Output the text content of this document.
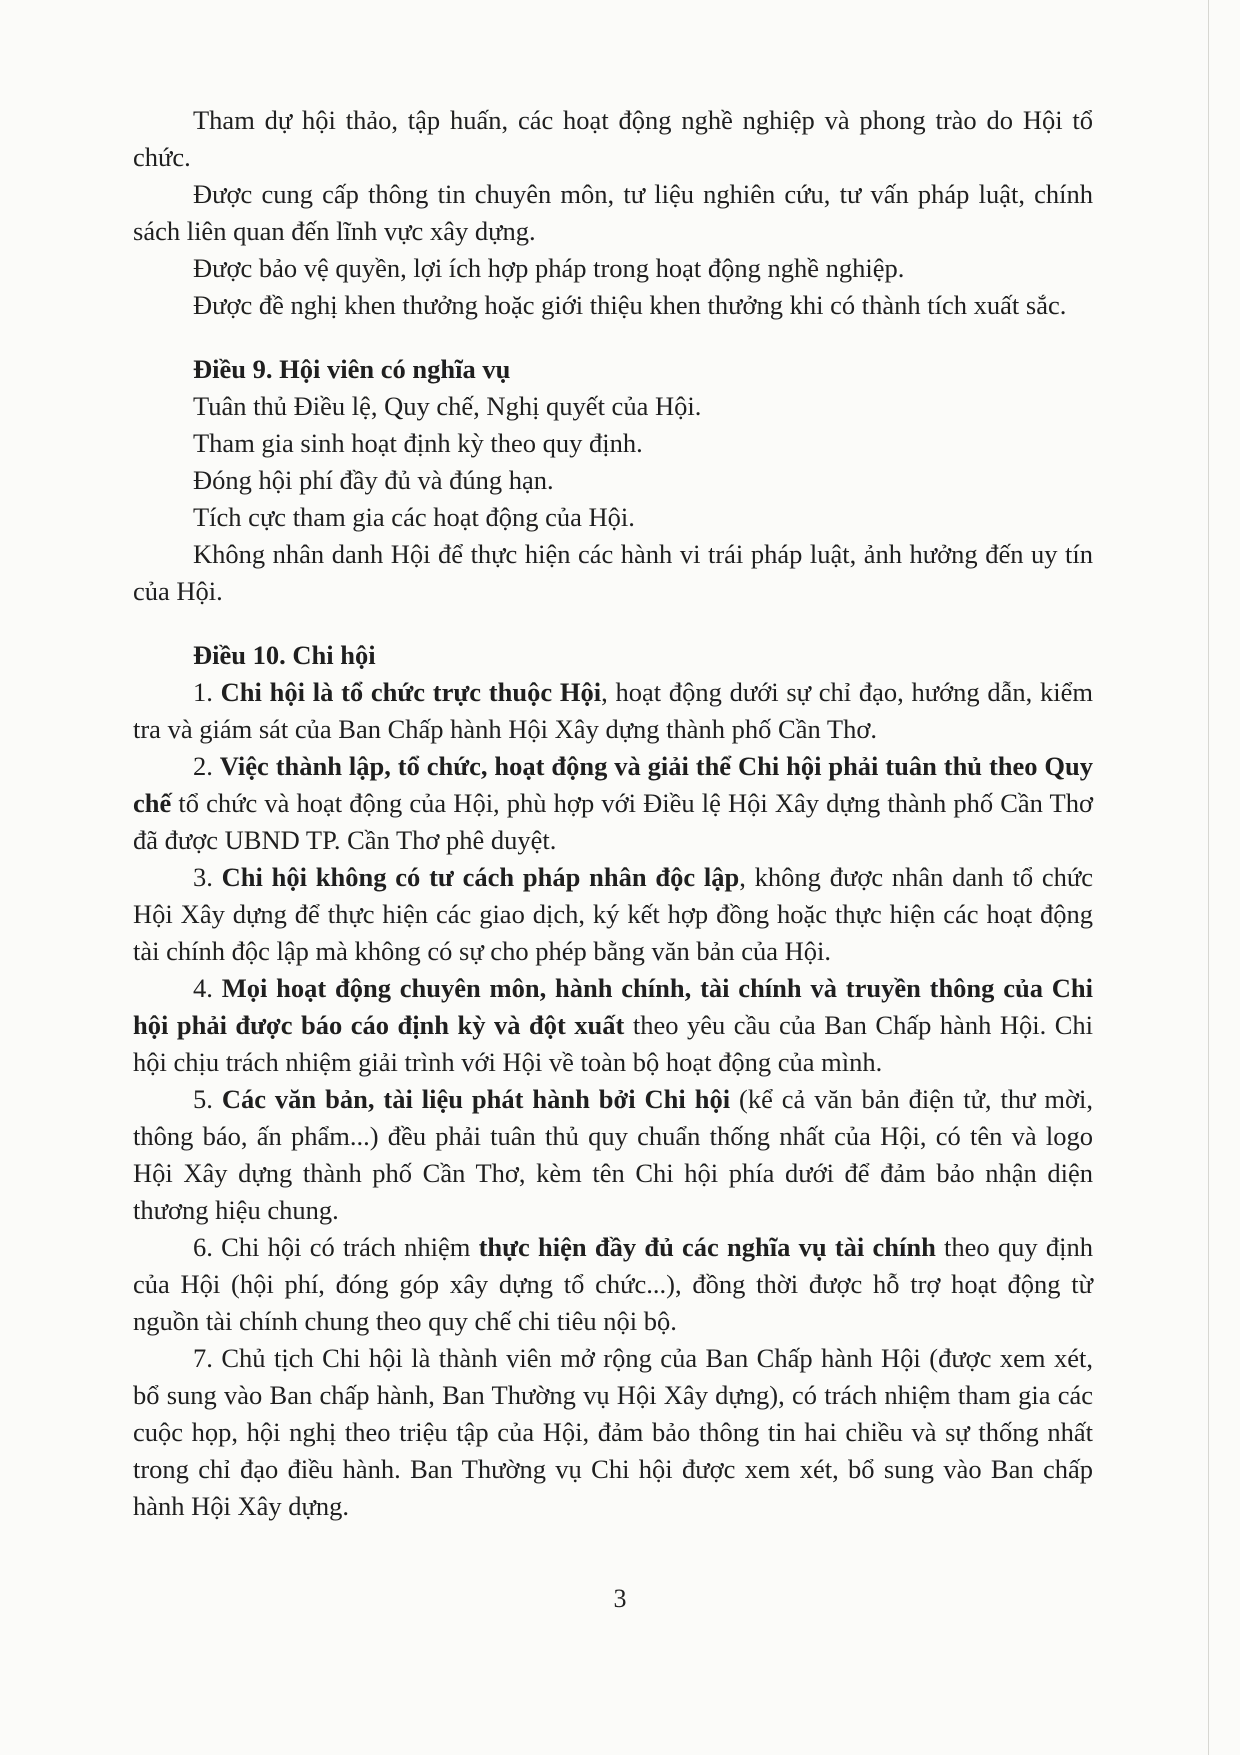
Tham dự hội thảo, tập huấn, các hoạt động nghề nghiệp và phong trào do Hội tổ chức.

Được cung cấp thông tin chuyên môn, tư liệu nghiên cứu, tư vấn pháp luật, chính sách liên quan đến lĩnh vực xây dựng.

Được bảo vệ quyền, lợi ích hợp pháp trong hoạt động nghề nghiệp.

Được đề nghị khen thưởng hoặc giới thiệu khen thưởng khi có thành tích xuất sắc.

Điều 9. Hội viên có nghĩa vụ

Tuân thủ Điều lệ, Quy chế, Nghị quyết của Hội.

Tham gia sinh hoạt định kỳ theo quy định.

Đóng hội phí đầy đủ và đúng hạn.

Tích cực tham gia các hoạt động của Hội.

Không nhân danh Hội để thực hiện các hành vi trái pháp luật, ảnh hưởng đến uy tín của Hội.

Điều 10. Chi hội

1. Chi hội là tổ chức trực thuộc Hội, hoạt động dưới sự chỉ đạo, hướng dẫn, kiểm tra và giám sát của Ban Chấp hành Hội Xây dựng thành phố Cần Thơ.

2. Việc thành lập, tổ chức, hoạt động và giải thể Chi hội phải tuân thủ theo Quy chế tổ chức và hoạt động của Hội, phù hợp với Điều lệ Hội Xây dựng thành phố Cần Thơ đã được UBND TP. Cần Thơ phê duyệt.

3. Chi hội không có tư cách pháp nhân độc lập, không được nhân danh tổ chức Hội Xây dựng để thực hiện các giao dịch, ký kết hợp đồng hoặc thực hiện các hoạt động tài chính độc lập mà không có sự cho phép bằng văn bản của Hội.

4. Mọi hoạt động chuyên môn, hành chính, tài chính và truyền thông của Chi hội phải được báo cáo định kỳ và đột xuất theo yêu cầu của Ban Chấp hành Hội. Chi hội chịu trách nhiệm giải trình với Hội về toàn bộ hoạt động của mình.

5. Các văn bản, tài liệu phát hành bởi Chi hội (kể cả văn bản điện tử, thư mời, thông báo, ấn phẩm...) đều phải tuân thủ quy chuẩn thống nhất của Hội, có tên và logo Hội Xây dựng thành phố Cần Thơ, kèm tên Chi hội phía dưới để đảm bảo nhận diện thương hiệu chung.

6. Chi hội có trách nhiệm thực hiện đầy đủ các nghĩa vụ tài chính theo quy định của Hội (hội phí, đóng góp xây dựng tổ chức...), đồng thời được hỗ trợ hoạt động từ nguồn tài chính chung theo quy chế chi tiêu nội bộ.

7. Chủ tịch Chi hội là thành viên mở rộng của Ban Chấp hành Hội (được xem xét, bổ sung vào Ban chấp hành, Ban Thường vụ Hội Xây dựng), có trách nhiệm tham gia các cuộc họp, hội nghị theo triệu tập của Hội, đảm bảo thông tin hai chiều và sự thống nhất trong chỉ đạo điều hành. Ban Thường vụ Chi hội được xem xét, bổ sung vào Ban chấp hành Hội Xây dựng.

3
